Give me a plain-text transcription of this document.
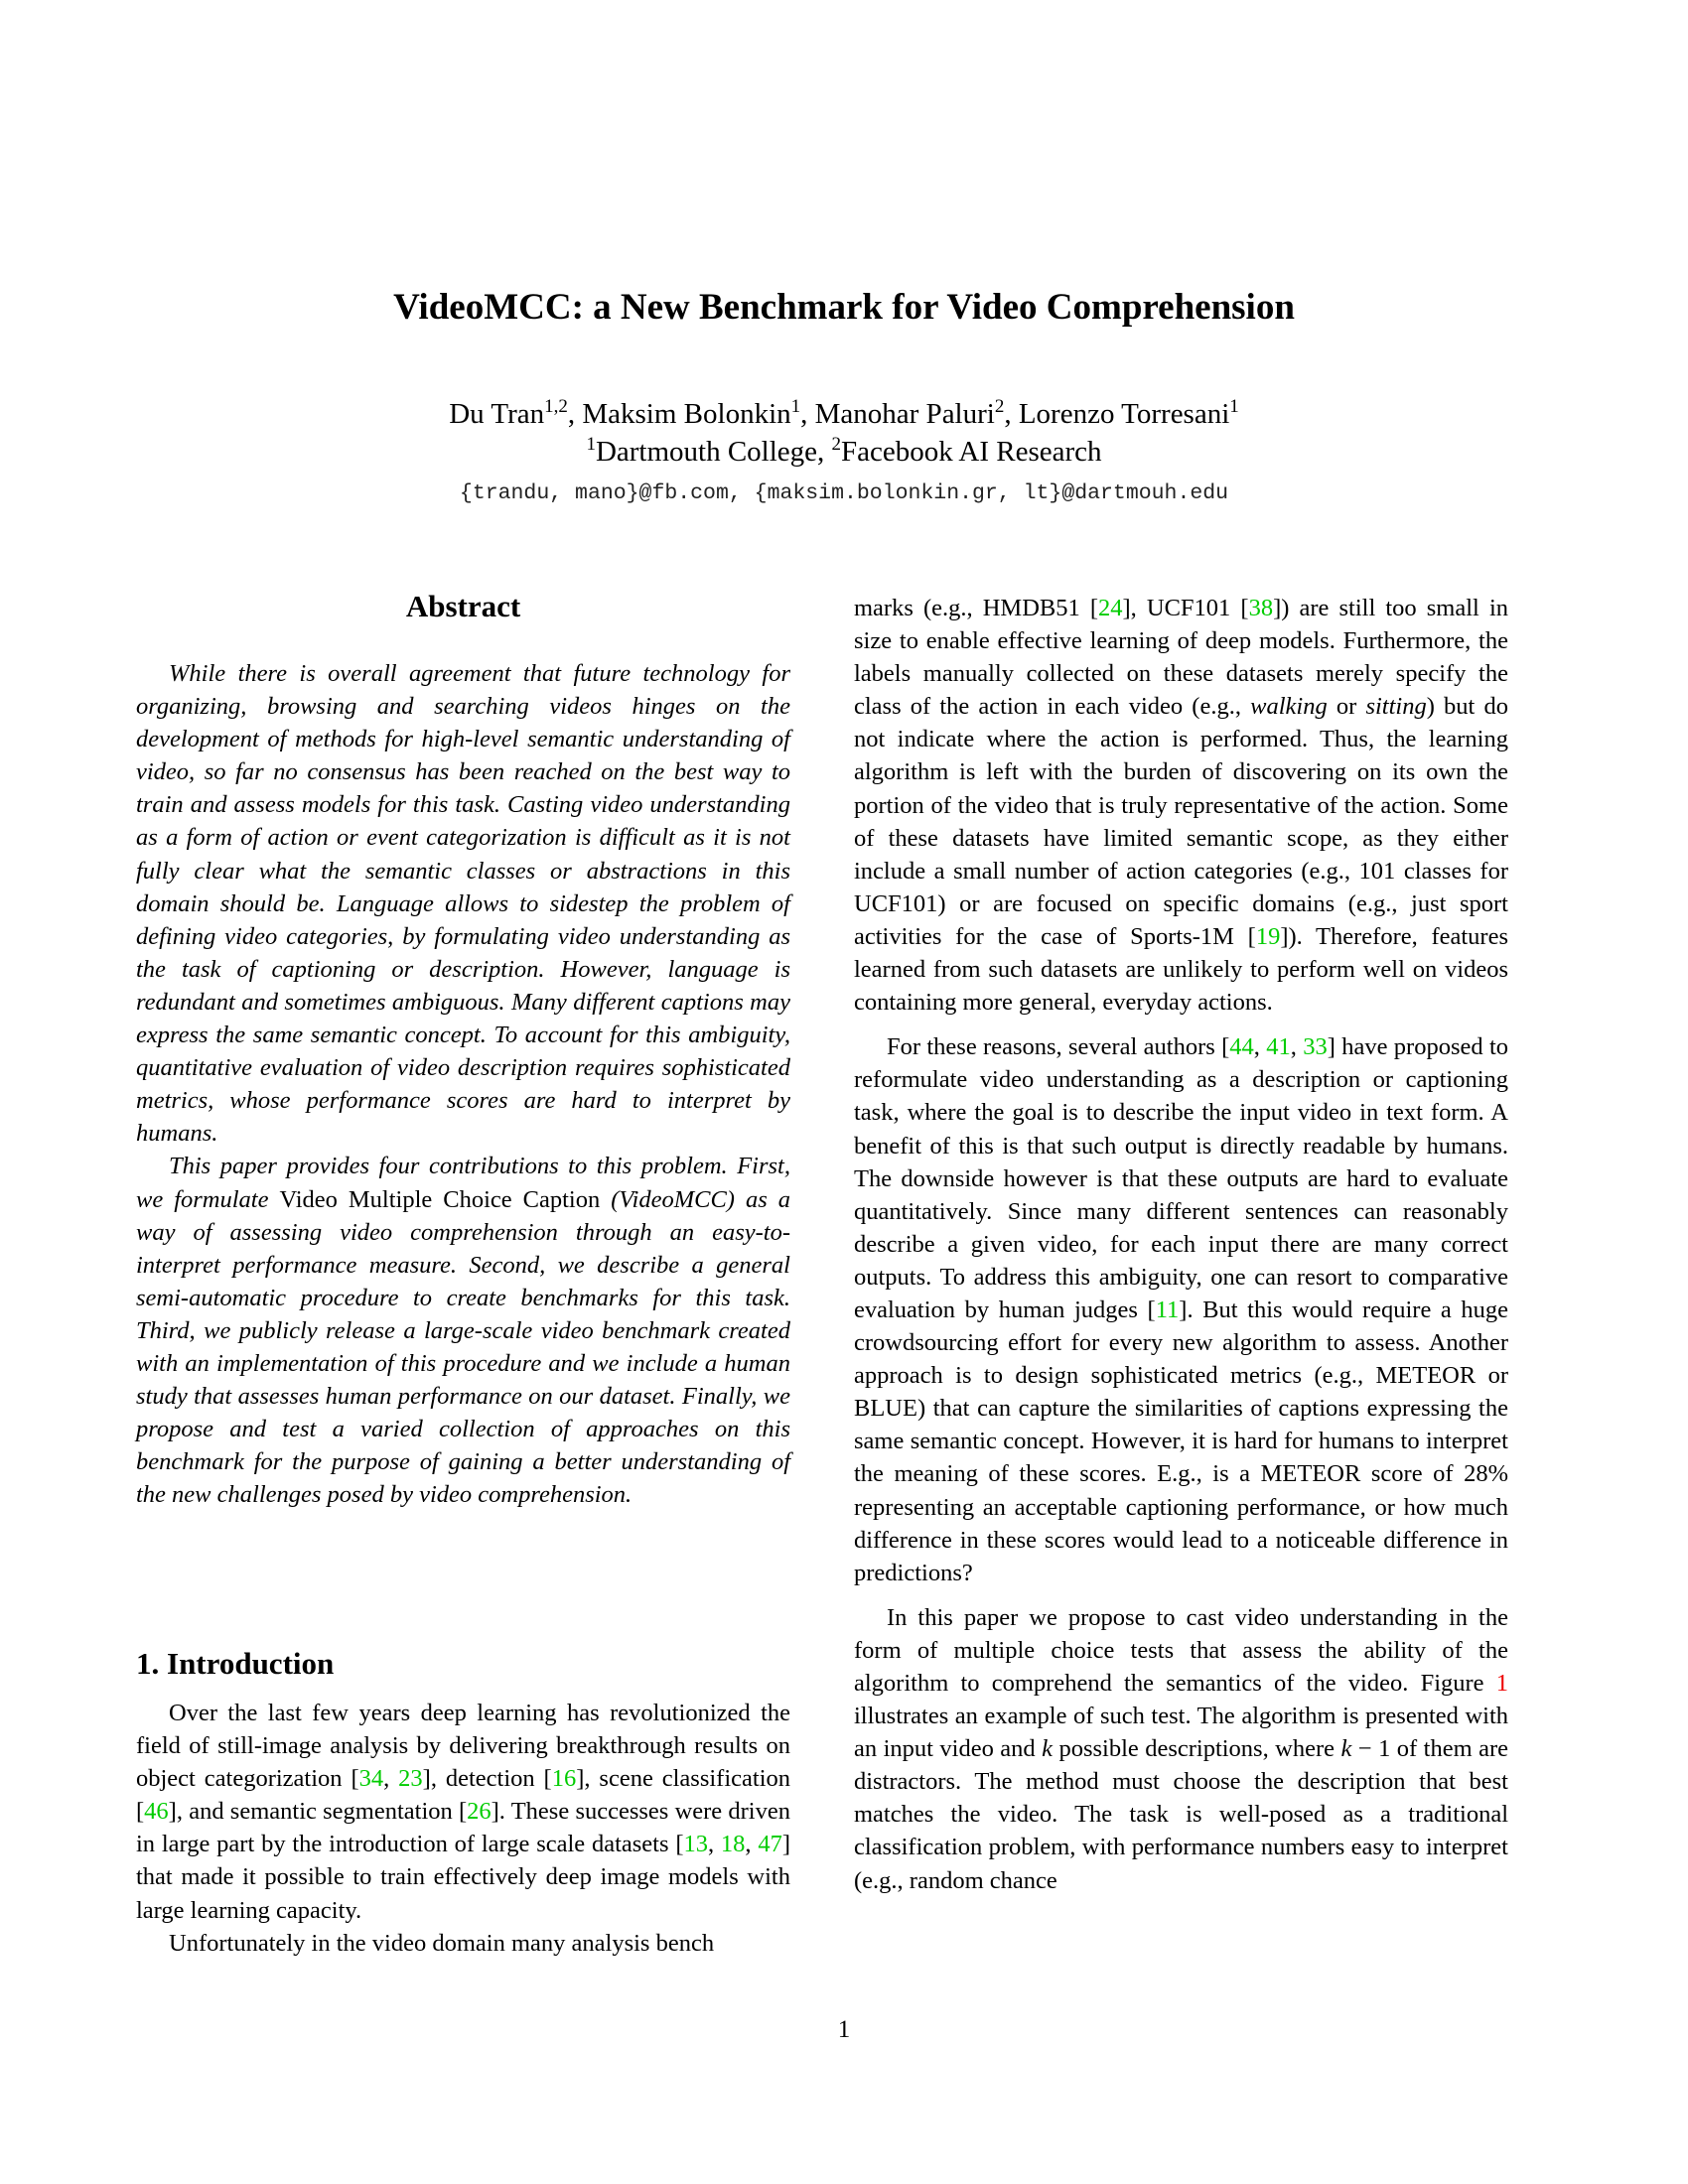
VideoMCC: a New Benchmark for Video Comprehension
Du Tran$^{1,2}$, Maksim Bolonkin$^1$, Manohar Paluri$^2$, Lorenzo Torresani$^1$
$^1$Dartmouth College, $^2$Facebook AI Research
{trandu, mano}@fb.com, {maksim.bolonkin.gr, lt}@dartmouh.edu
Abstract

While there is overall agreement that future technology for organizing, browsing and searching videos hinges on the development of methods for high-level semantic understanding of video, so far no consensus has been reached on the best way to train and assess models for this task. Casting video understanding as a form of action or event categorization is difficult as it is not fully clear what the semantic classes or abstractions in this domain should be. Language allows to sidestep the problem of defining video categories, by formulating video understanding as the task of captioning or description. However, language is redundant and sometimes ambiguous. Many different captions may express the same semantic concept. To account for this ambiguity, quantitative evaluation of video description requires sophisticated metrics, whose performance scores are hard to interpret by humans.

This paper provides four contributions to this problem. First, we formulate Video Multiple Choice Caption (VideoMCC) as a way of assessing video comprehension through an easy-to-interpret performance measure. Second, we describe a general semi-automatic procedure to create benchmarks for this task. Third, we publicly release a large-scale video benchmark created with an implementation of this procedure and we include a human study that assesses human performance on our dataset. Finally, we propose and test a varied collection of approaches on this benchmark for the purpose of gaining a better understanding of the new challenges posed by video comprehension.

1. Introduction

Over the last few years deep learning has revolutionized the field of still-image analysis by delivering breakthrough results on object categorization [34, 23], detection [16], scene classification [46], and semantic segmentation [26]. These successes were driven in large part by the introduction of large scale datasets [13, 18, 47] that made it possible to train effectively deep image models with large learning capacity.

Unfortunately in the video domain many analysis bench

marks (e.g., HMDB51 [24], UCF101 [38]) are still too small in size to enable effective learning of deep models. Furthermore, the labels manually collected on these datasets merely specify the class of the action in each video (e.g., walking or sitting) but do not indicate where the action is performed. Thus, the learning algorithm is left with the burden of discovering on its own the portion of the video that is truly representative of the action. Some of these datasets have limited semantic scope, as they either include a small number of action categories (e.g., 101 classes for UCF101) or are focused on specific domains (e.g., just sport activities for the case of Sports-1M [19]). Therefore, features learned from such datasets are unlikely to perform well on videos containing more general, everyday actions.

For these reasons, several authors [44, 41, 33] have proposed to reformulate video understanding as a description or captioning task, where the goal is to describe the input video in text form. A benefit of this is that such output is directly readable by humans. The downside however is that these outputs are hard to evaluate quantitatively. Since many different sentences can reasonably describe a given video, for each input there are many correct outputs. To address this ambiguity, one can resort to comparative evaluation by human judges [11]. But this would require a huge crowdsourcing effort for every new algorithm to assess. Another approach is to design sophisticated metrics (e.g., METEOR or BLUE) that can capture the similarities of captions expressing the same semantic concept. However, it is hard for humans to interpret the meaning of these scores. E.g., is a METEOR score of 28% representing an acceptable captioning performance, or how much difference in these scores would lead to a noticeable difference in predictions?

In this paper we propose to cast video understanding in the form of multiple choice tests that assess the ability of the algorithm to comprehend the semantics of the video. Figure 1 illustrates an example of such test. The algorithm is presented with an input video and k possible descriptions, where k − 1 of them are distractors. The method must choose the description that best matches the video. The task is well-posed as a traditional classification problem, with performance numbers easy to interpret (e.g., random chance

1
